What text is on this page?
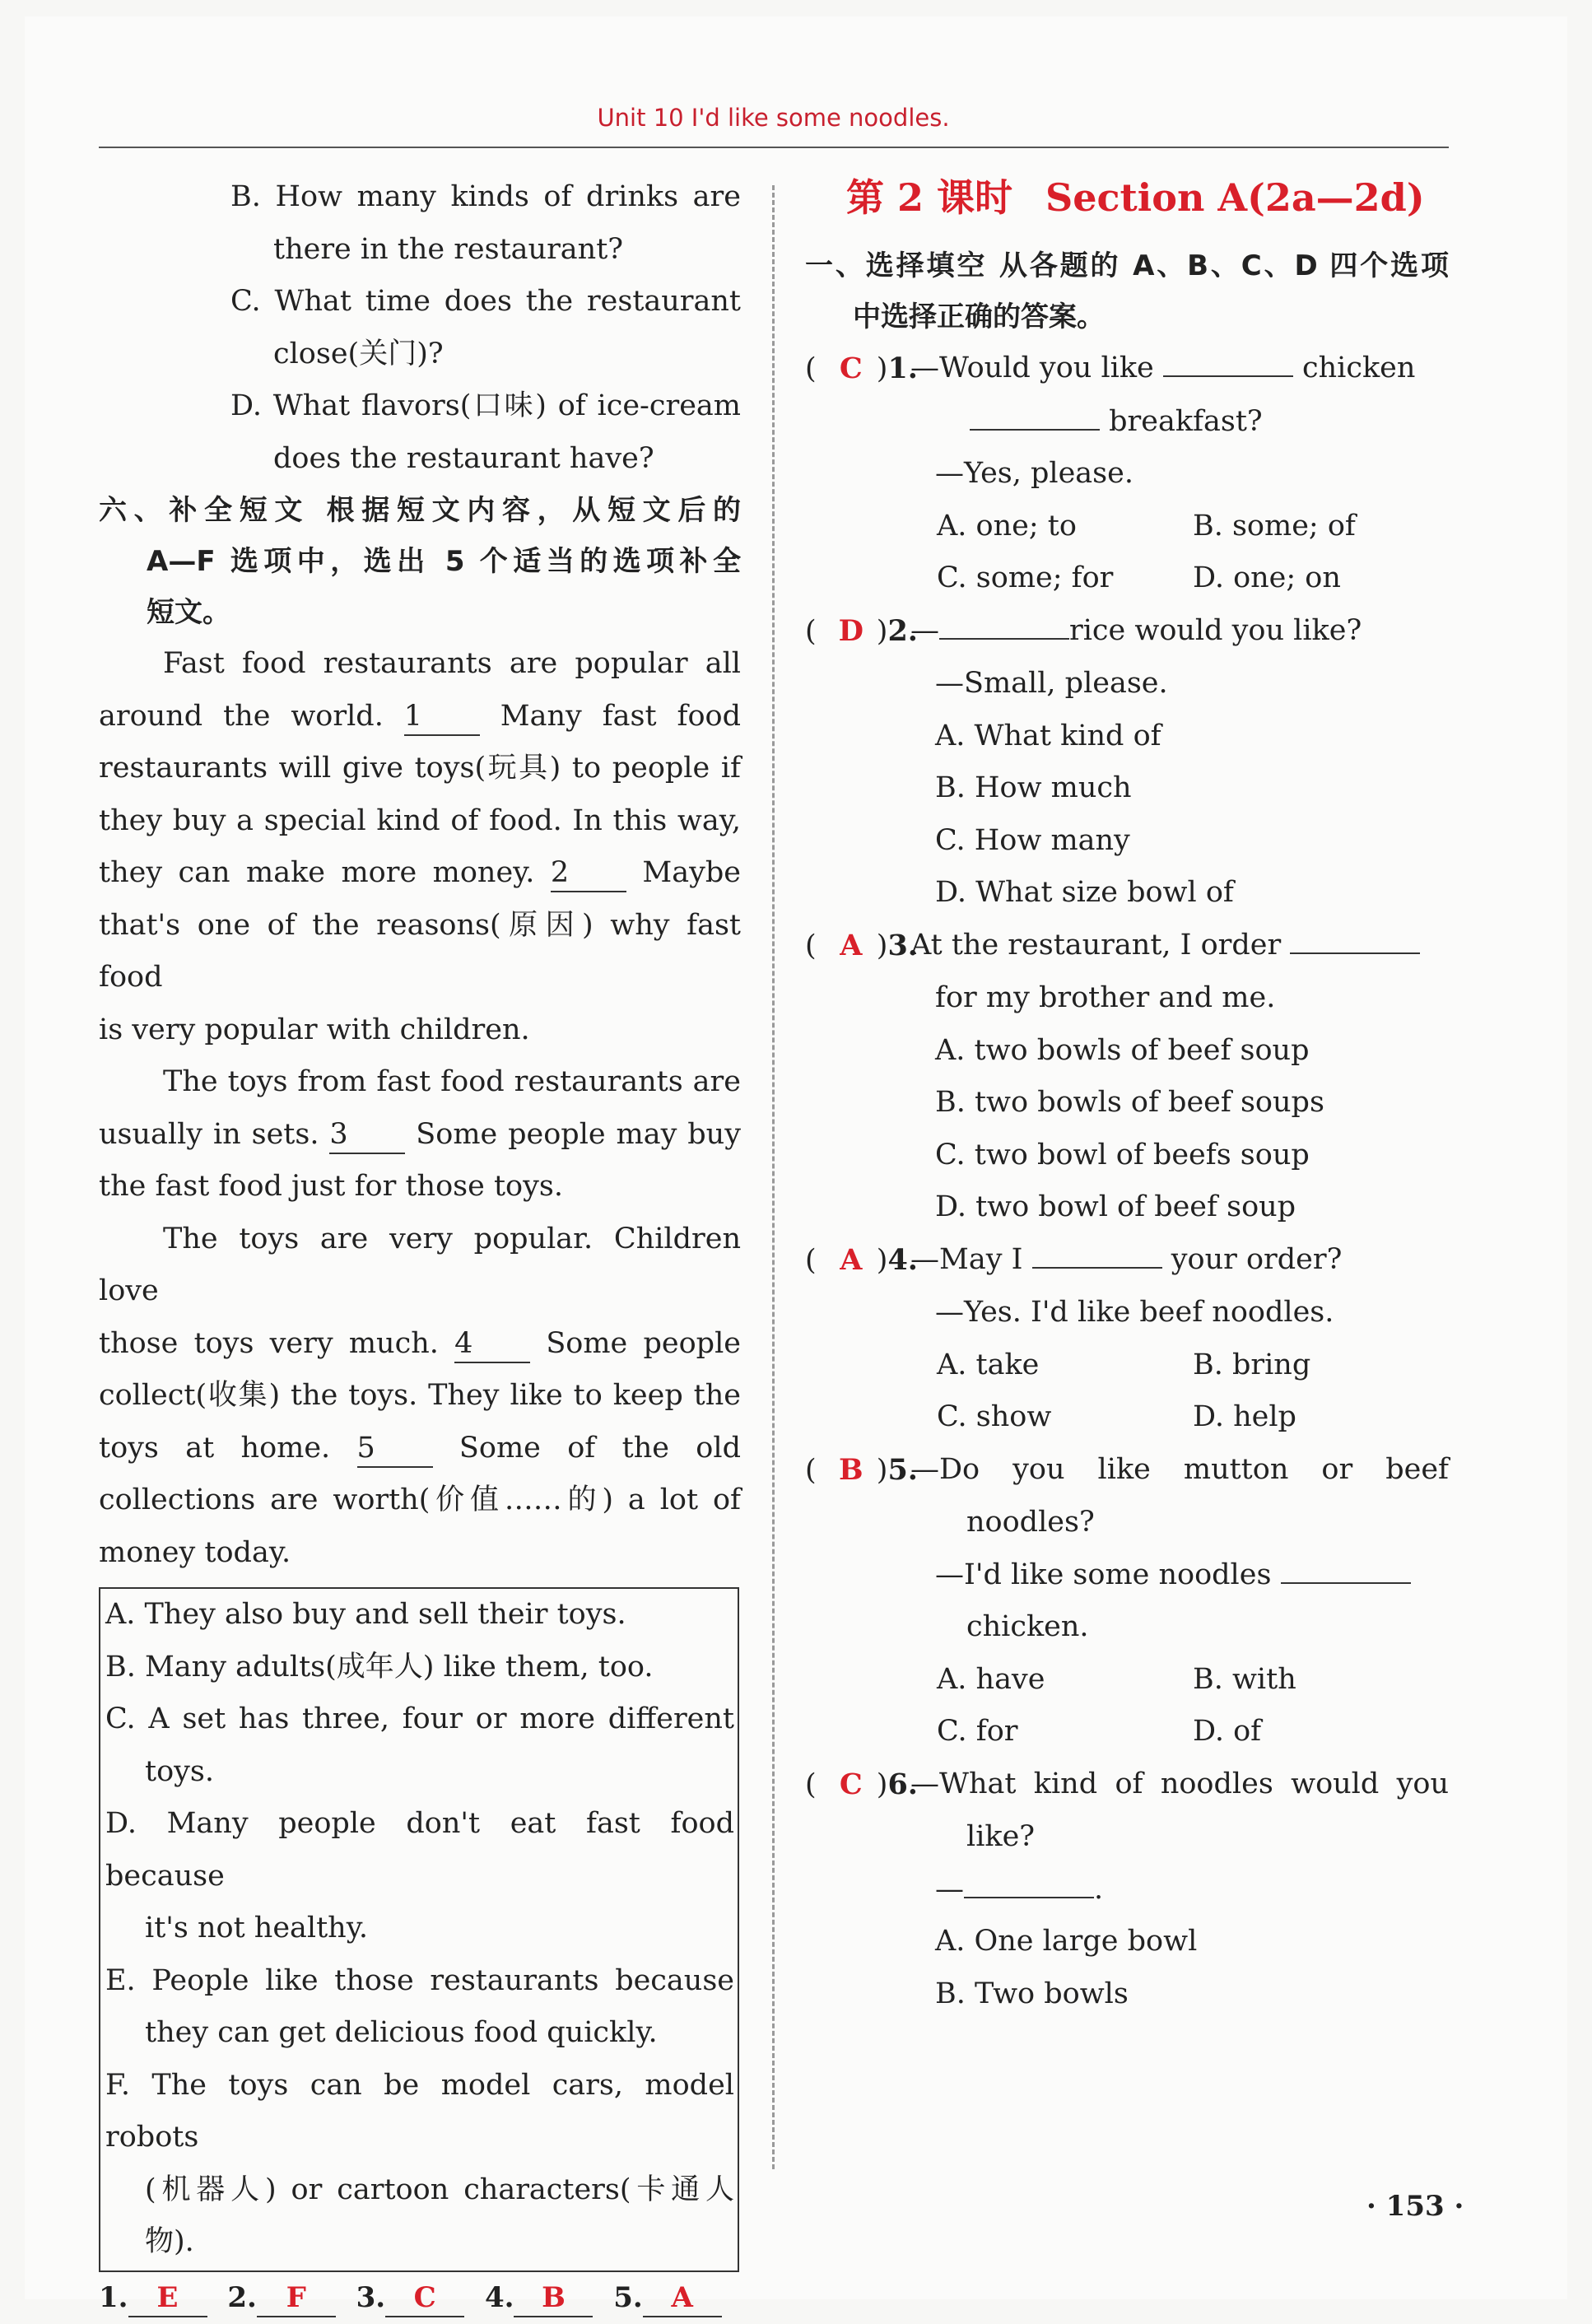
Unit 10 I'd like some noodles.

B. How many kinds of drinks are

there in the restaurant?

C. What time does the restaurant

close(关门)?

D. What flavors(口味) of ice-cream

does the restaurant have?

六、补全短文 根据短文内容，从短文后的
A—F 选项中，选出 5 个适当的选项补全
短文。

Fast food restaurants are popular all

around the world. 1	Many fast food

restaurants will give toys(玩具) to people if

they buy a special kind of food. In this way,

they can make more money. 2	Maybe

that's one of the reasons(原因) why fast food

is very popular with children.

The toys from fast food restaurants are

usually in sets. 3 Some people may buy

the fast food just for those toys.

The toys are very popular. Children love

those toys very much. 4	Some people

collect(收集) the toys. They like to keep the

toys at home. 5	Some of the old

collections are worth(价值……的) a lot of

money today.

A. They also buy and sell their toys.

B. Many adults(成年人) like them, too.

C. A set has three, four or more different

toys.

D. Many people don't eat fast food because

it's not healthy.

E. People like those restaurants because

they can get delicious food quickly.

F. The toys can be model cars, model robots

(机器人) or cartoon characters(卡通人

物).

1. E 2. F 3. C 4. B 5. A

第 2 课时 Section A(2a—2d)

一、选择填空 从各题的 A、B、C、D 四个选项
中选择正确的答案。

( C )1.
—Would you like	chicken

breakfast?

—Yes, please.

A. one; to	B. some; of
C. some; for	D. one; on
( D )2.
—	rice would you like?

—Small, please.

A. What kind of

B. How much

C. How many

D. What size bowl of

( A )3.
At the restaurant, I order

for my brother and me.

A. two bowls of beef soup

B. two bowls of beef soups

C. two bowl of beefs soup

D. two bowl of beef soup

( A )4.
—May I	your order?

—Yes. I'd like beef noodles.

A. take	B. bring
C. show	D. help
( B )5.
—Do you like mutton or beef

noodles?

—I'd like some noodles

chicken.

A. have	B. with
C. for	D. of
( C )6.
—What kind of noodles would you

like?

—	.

A. One large bowl

B. Two bowls

· 153 ·
